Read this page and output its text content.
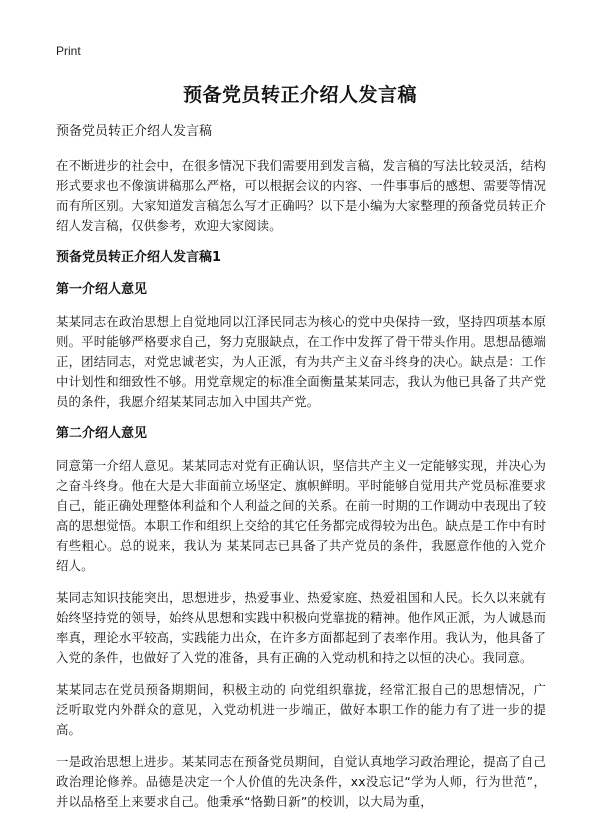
Print
预备党员转正介绍人发言稿
预备党员转正介绍人发言稿

在不断进步的社会中，在很多情况下我们需要用到发言稿，发言稿的写法比较灵活，结构形式要求也不像演讲稿那么严格，可以根据会议的内容、一件事事后的感想、需要等情况而有所区别。大家知道发言稿怎么写才正确吗？以下是小编为大家整理的预备党员转正介绍人发言稿，仅供参考，欢迎大家阅读。

预备党员转正介绍人发言稿1
第一介绍人意见

某某同志在政治思想上自觉地同以江泽民同志为核心的党中央保持一致，坚持四项基本原则。平时能够严格要求自己，努力克服缺点，在工作中发挥了骨干带头作用。思想品德端正，团结同志，对党忠诚老实，为人正派，有为共产主义奋斗终身的决心。缺点是：工作中计划性和细致性不够。用党章规定的标准全面衡量某某同志，我认为他已具备了共产党员的条件，我愿介绍某某同志加入中国共产党。

第二介绍人意见

同意第一介绍人意见。某某同志对党有正确认识，坚信共产主义一定能够实现，并决心为之奋斗终身。他在大是大非面前立场坚定、旗帜鲜明。平时能够自觉用共产党员标准要求自己，能正确处理整体利益和个人利益之间的关系。在前一时期的工作调动中表现出了较高的思想觉悟。本职工作和组织上交给的其它任务都完成得较为出色。缺点是工作中有时有些粗心。总的说来，我认为 某某同志已具备了共产党员的条件，我愿意作他的入党介绍人。

某同志知识技能突出，思想进步，热爱事业、热爱家庭、热爱祖国和人民。长久以来就有始终坚持党的领导，始终从思想和实践中积极向党靠拢的精神。他作风正派，为人诚恳而率真，理论水平较高，实践能力出众，在许多方面都起到了表率作用。我认为，他具备了入党的条件，也做好了入党的准备，具有正确的入党动机和持之以恒的决心。我同意。

某某同志在党员预备期期间，积极主动的 向党组织靠拢，经常汇报自己的思想情况，广泛听取党内外群众的意见，入党动机进一步端正，做好本职工作的能力有了进一步的提高。

一是政治思想上进步。某某同志在预备党员期间，自觉认真地学习政治理论，提高了自己政治理论修养。品德是决定一个人价值的先决条件，xx没忘记“学为人师，行为世范”，并以品格至上来要求自己。他秉承“恪勤日新”的校训，以大局为重，
